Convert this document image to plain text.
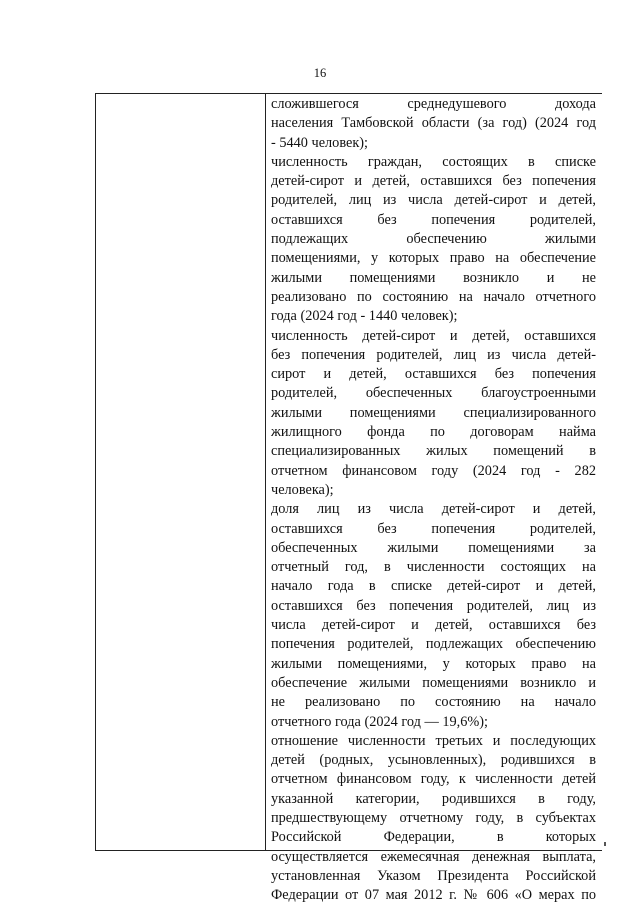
16
сложившегося среднедушевого дохода
населения Тамбовской области (за год) (2024 год
- 5440 человек);
численность граждан, состоящих в списке
детей-сирот и детей, оставшихся без попечения
родителей, лиц из числа детей-сирот и детей,
оставшихся без попечения родителей,
подлежащих обеспечению жилыми
помещениями, у которых право на обеспечение
жилыми помещениями возникло и не
реализовано по состоянию на начало отчетного
года (2024 год - 1440 человек);
численность детей-сирот и детей, оставшихся
без попечения родителей, лиц из числа детей-
сирот и детей, оставшихся без попечения
родителей, обеспеченных благоустроенными
жилыми помещениями специализированного
жилищного фонда по договорам найма
специализированных жилых помещений в
отчетном финансовом году (2024 год - 282
человека);
доля лиц из числа детей-сирот и детей,
оставшихся без попечения родителей,
обеспеченных жилыми помещениями за
отчетный год, в численности состоящих на
начало года в списке детей-сирот и детей,
оставшихся без попечения родителей, лиц из
числа детей-сирот и детей, оставшихся без
попечения родителей, подлежащих обеспечению
жилыми помещениями, у которых право на
обеспечение жилыми помещениями возникло и
не реализовано по состоянию на начало
отчетного года (2024 год — 19,6%);
отношение численности третьих и последующих
детей (родных, усыновленных), родившихся в
отчетном финансовом году, к численности детей
указанной категории, родившихся в году,
предшествующему отчетному году, в субъектах
Российской Федерации, в которых
осуществляется ежемесячная денежная выплата,
установленная Указом Президента Российской
Федерации от 07 мая 2012 г. № 606 «О мерах по
